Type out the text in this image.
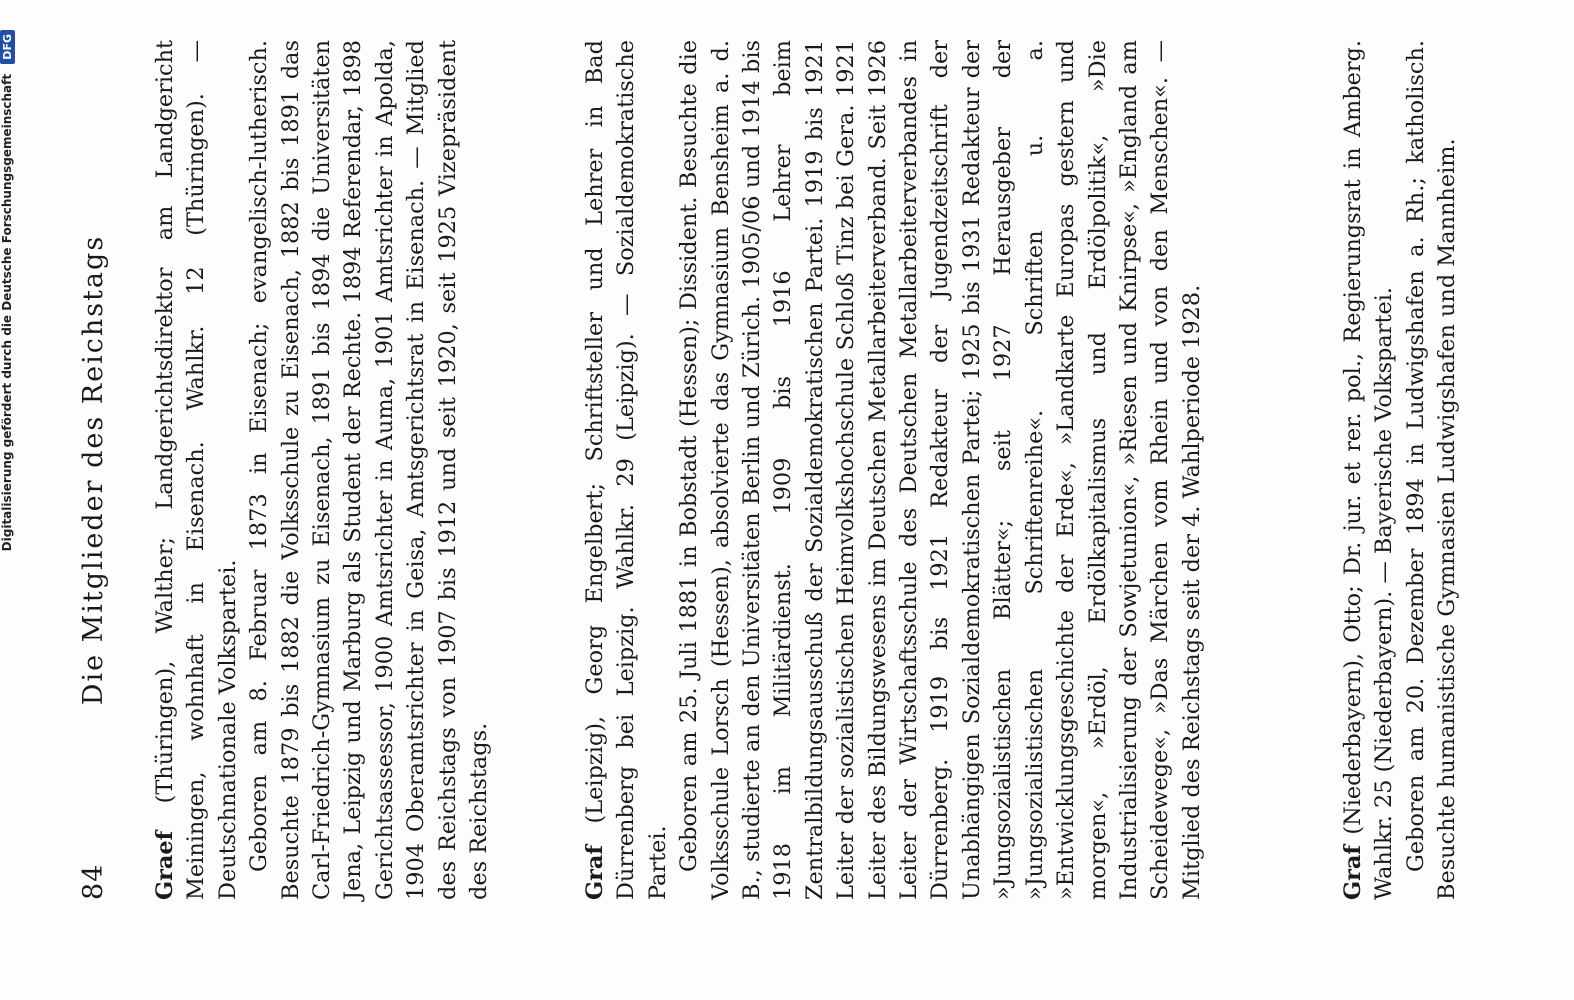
Digitalisierung gefördert durch die Deutsche Forschungsgemeinschaft DFG
84
Die Mitglieder des Reichstags

Graef (Thüringen), Walther; Landgerichtsdirektor am Landgericht Meiningen, wohnhaft in Eisenach. Wahlkr. 12 (Thüringen). — Deutschnationale Volkspartei. Geboren am 8. Februar 1873 in Eisenach; evangelisch-lutherisch. Besuchte 1879 bis 1882 die Volksschule zu Eisenach, 1882 bis 1891 das Carl-Friedrich-Gymnasium zu Eisenach, 1891 bis 1894 die Universitäten Jena, Leipzig und Marburg als Student der Rechte. 1894 Referendar, 1898 Gerichtsassessor, 1900 Amtsrichter in Auma, 1901 Amtsrichter in Apolda, 1904 Oberamtsrichter in Geisa, Amtsgerichtsrat in Eisenach. — Mitglied des Reichstags von 1907 bis 1912 und seit 1920, seit 1925 Vizepräsident des Reichstags.	Graf (Leipzig), Georg Engelbert; Schriftsteller und Lehrer in Bad Dürrenberg bei Leipzig. Wahlkr. 29 (Leipzig). — Sozialdemokratische Partei. Geboren am 25. Juli 1881 in Bobstadt (Hessen); Dissident. Besuchte die Volksschule Lorsch (Hessen), absolvierte das Gymnasium Bensheim a. d. B., studierte an den Universitäten Berlin und Zürich. 1905/06 und 1914 bis 1918 im Militärdienst. 1909 bis 1916 Lehrer beim Zentralbildungsausschuß der Sozialdemokratischen Partei. 1919 bis 1921 Leiter der sozialistischen Heimvolkshochschule Schloß Tinz bei Gera. 1921 Leiter des Bildungswesens im Deutschen Metallarbeiterverband. Seit 1926 Leiter der Wirtschaftsschule des Deutschen Metallarbeiterverbandes in Dürrenberg. 1919 bis 1921 Redakteur der Jugendzeitschrift der Unabhängigen Sozialdemokratischen Partei; 1925 bis 1931 Redakteur der »Jungsozialistischen Blätter«; seit 1927 Herausgeber der »Jungsozialistischen Schriftenreihe«. Schriften u. a. »Entwicklungsgeschichte der Erde«, »Landkarte Europas gestern und morgen«, »Erdöl, Erdölkapitalismus und Erdölpolitik«, »Die Industrialisierung der Sowjetunion«, »Riesen und Knirpse«, »England am Scheidewege«, »Das Märchen vom Rhein und von den Menschen«. — Mitglied des Reichstags seit der 4. Wahlperiode 1928.	Graf (Niederbayern), Otto; Dr. jur. et rer. pol., Regierungsrat in Amberg. Wahlkr. 25 (Niederbayern). — Bayerische Volkspartei. Geboren am 20. Dezember 1894 in Ludwigshafen a. Rh.; katholisch. Besuchte humanistische Gymnasien Ludwigshafen und Mannheim.
